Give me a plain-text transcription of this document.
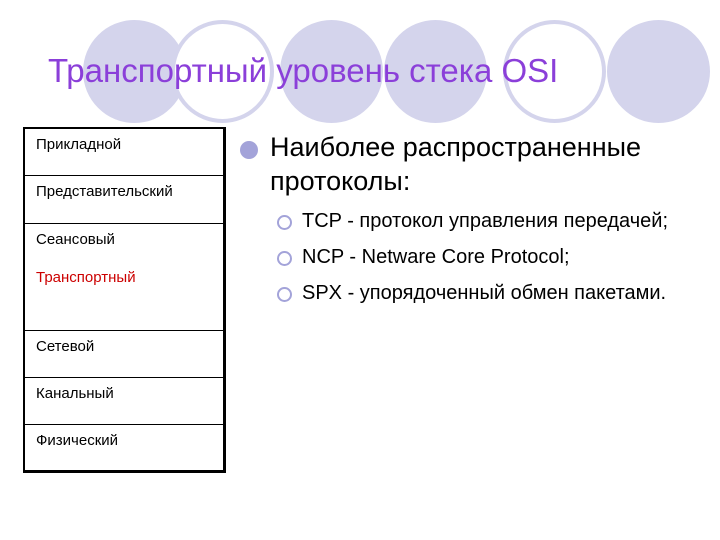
Транспортный уровень стека OSI
Прикладной
Представительский
Сеансовый
Транспортный
Сетевой
Канальный
Физический
Наиболее распространенные протоколы:
TCP - протокол управления передачей;
NCP - Netware Core Protocol;
SPX - упорядоченный обмен пакетами.
